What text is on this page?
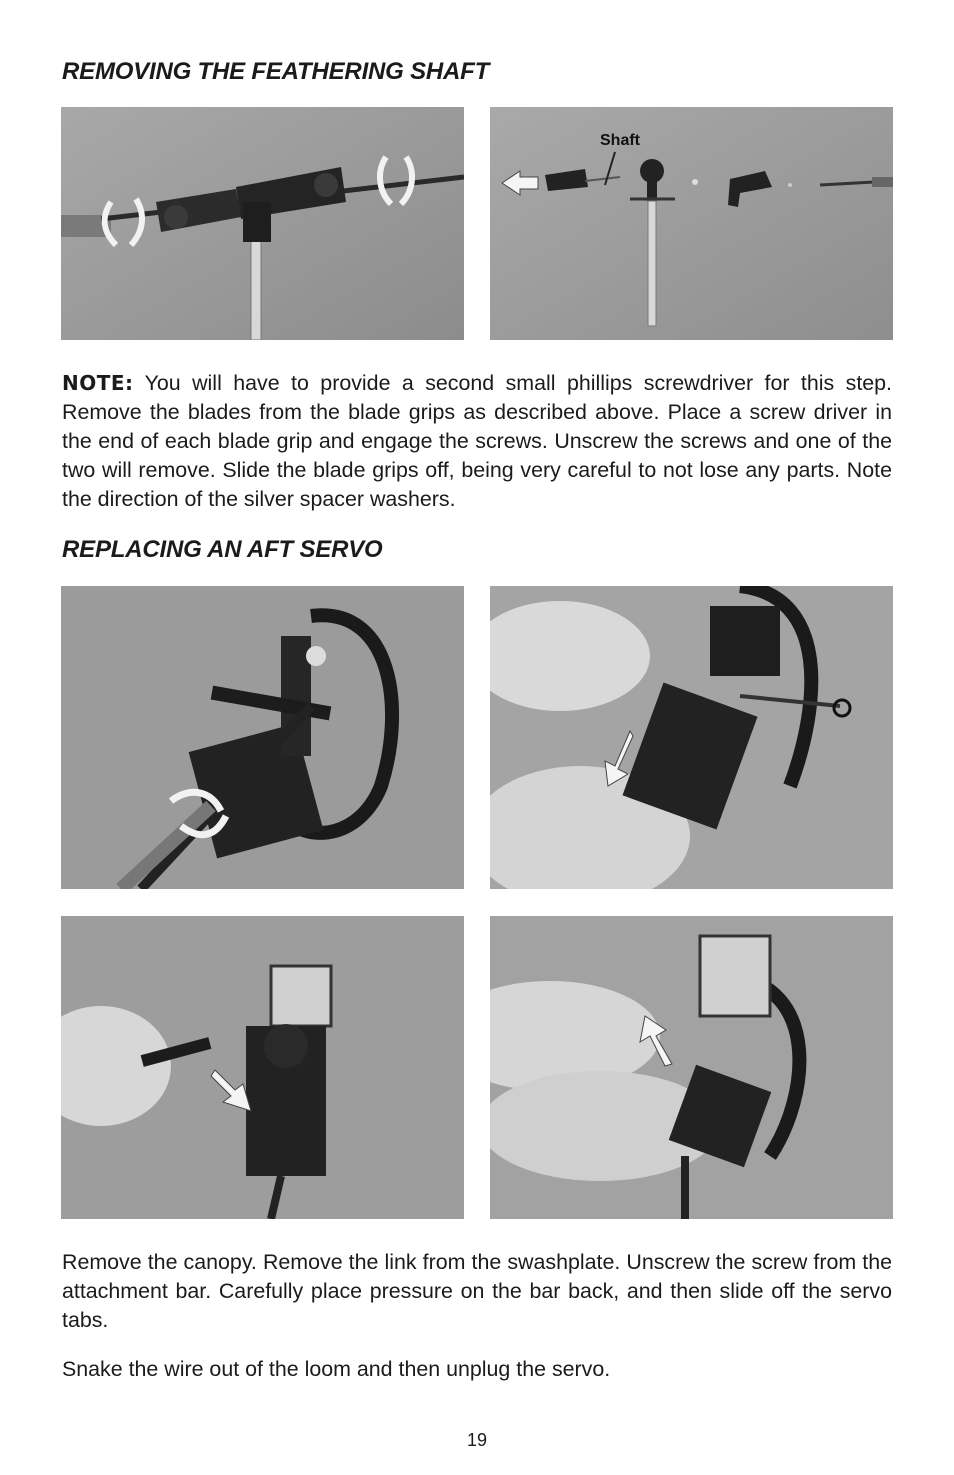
REMOVING THE FEATHERING SHAFT
Shaft

NOTE: You will have to provide a second small phillips screwdriver for this step. Remove the blades from the blade grips as described above. Place a screw driver in the end of each blade grip and engage the screws. Unscrew the screws and one of the two will remove. Slide the blade grips off, being very careful to not lose any parts. Note the direction of the silver spacer washers.

REPLACING AN AFT SERVO

Remove the canopy. Remove the link from the swashplate. Unscrew the screw from the attachment bar. Carefully place pressure on the bar back, and then slide off the servo tabs.

Snake the wire out of the loom and then unplug the servo.

19
